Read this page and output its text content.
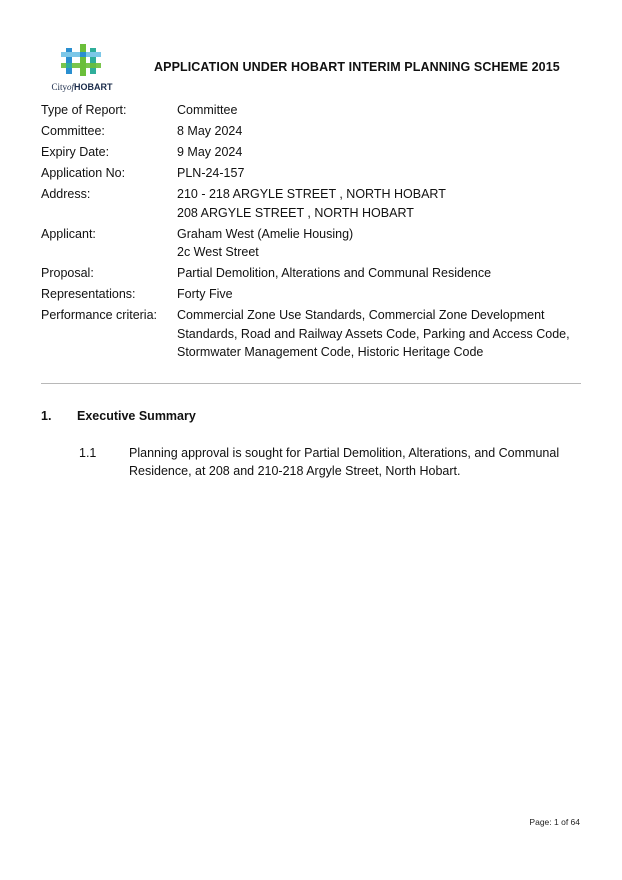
CityofHOBART
APPLICATION UNDER HOBART INTERIM PLANNING SCHEME 2015
Type of Report:	Committee
Committee:	8 May 2024
Expiry Date:	9 May 2024
Application No:	PLN-24-157
Address:	210 - 218 ARGYLE STREET , NORTH HOBART
208 ARGYLE STREET , NORTH HOBART
Applicant:	Graham West (Amelie Housing)
2c West Street
Proposal:	Partial Demolition, Alterations and Communal Residence
Representations:	Forty Five
Performance criteria:	Commercial Zone Use Standards, Commercial Zone Development
Standards, Road and Railway Assets Code, Parking and Access Code,
Stormwater Management Code, Historic Heritage Code
1. Executive Summary
1.1	Planning approval is sought for Partial Demolition, Alterations, and Communal
Residence, at 208 and 210-218 Argyle Street, North Hobart.
Page: 1 of 64
